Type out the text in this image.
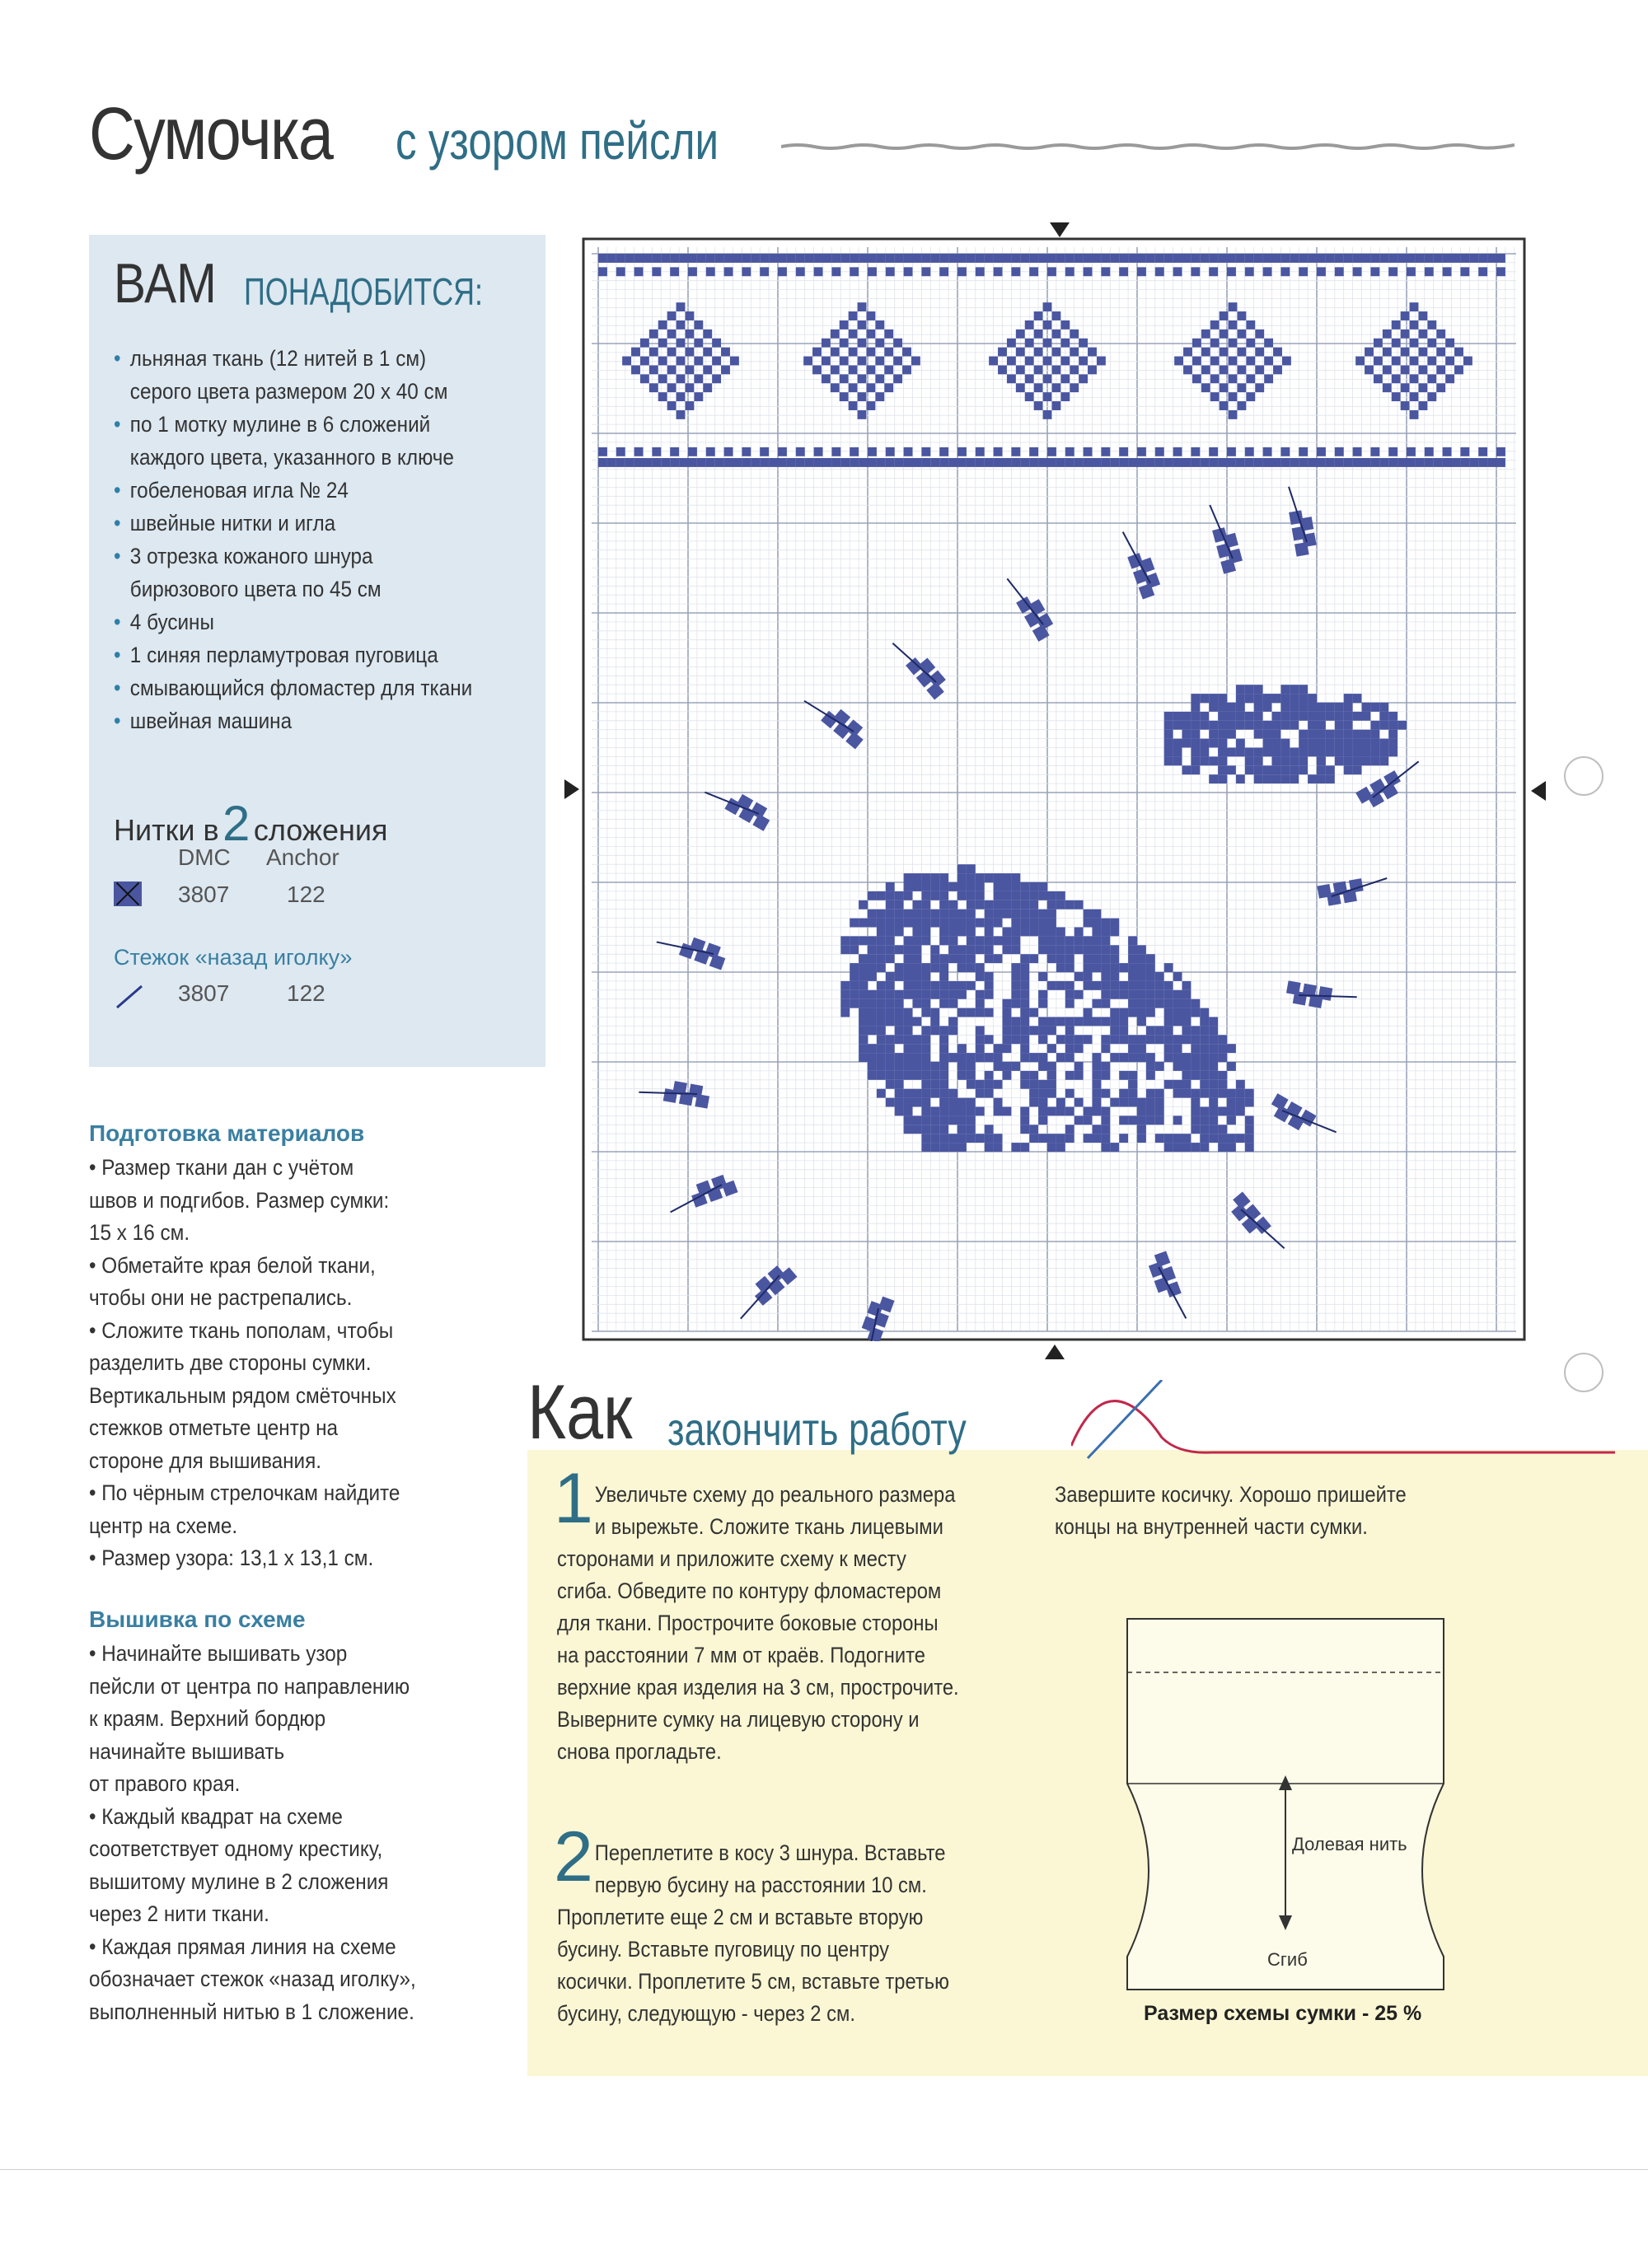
Сумочка с узором пейсли
ВАМ ПОНАДОБИТСЯ:
• льняная ткань (12 нитей в 1 см)
серого цвета размером 20 х 40 см
• по 1 мотку мулине в 6 сложений
каждого цвета, указанного в ключе
• гобеленовая игла № 24
• швейные нитки и игла
• 3 отрезка кожаного шнура
бирюзового цвета по 45 см
• 4 бусины
• 1 синяя перламутровая пуговица
• смывающийся фломастер для ткани
• швейная машина
Нитки в 2 сложения
DMC Anchor
3807 122
Стежок «назад иголку»
3807 122
Подготовка материалов

• Размер ткани дан с учётом

швов и подгибов. Размер сумки:

15 х 16 см.

• Обметайте края белой ткани,

чтобы они не растрепались.

• Сложите ткань пополам, чтобы

разделить две стороны сумки.

Вертикальным рядом смёточных

стежков отметьте центр на

стороне для вышивания.

• По чёрным стрелочкам найдите

центр на схеме.

• Размер узора: 13,1 х 13,1 см.

Вышивка по схеме

• Начинайте вышивать узор

пейсли от центра по направлению

к краям. Верхний бордюр

начинайте вышивать

от правого края.

• Каждый квадрат на схеме

соответствует одному крестику,

вышитому мулине в 2 сложения

через 2 нити ткани.

• Каждая прямая линия на схеме

обозначает стежок «назад иголку»,

выполненный нитью в 1 сложение.

Как закончить работу
1 Увеличьте схему до реального размера

и вырежьте. Сложите ткань лицевыми

сторонами и приложите схему к месту

сгиба. Обведите по контуру фломастером

для ткани. Прострочите боковые стороны

на расстоянии 7 мм от краёв. Подогните

верхние края изделия на 3 см, прострочите.

Выверните сумку на лицевую сторону и

снова прогладьте.

2 Переплетите в косу 3 шнура. Вставьте

первую бусину на расстоянии 10 см.

Проплетите еще 2 см и вставьте вторую

бусину. Вставьте пуговицу по центру

косички. Проплетите 5 см, вставьте третью

бусину, следующую - через 2 см.

Завершите косичку. Хорошо пришейте

концы на внутренней части сумки.

Долевая нить
Сгиб
Размер схемы сумки - 25 %
